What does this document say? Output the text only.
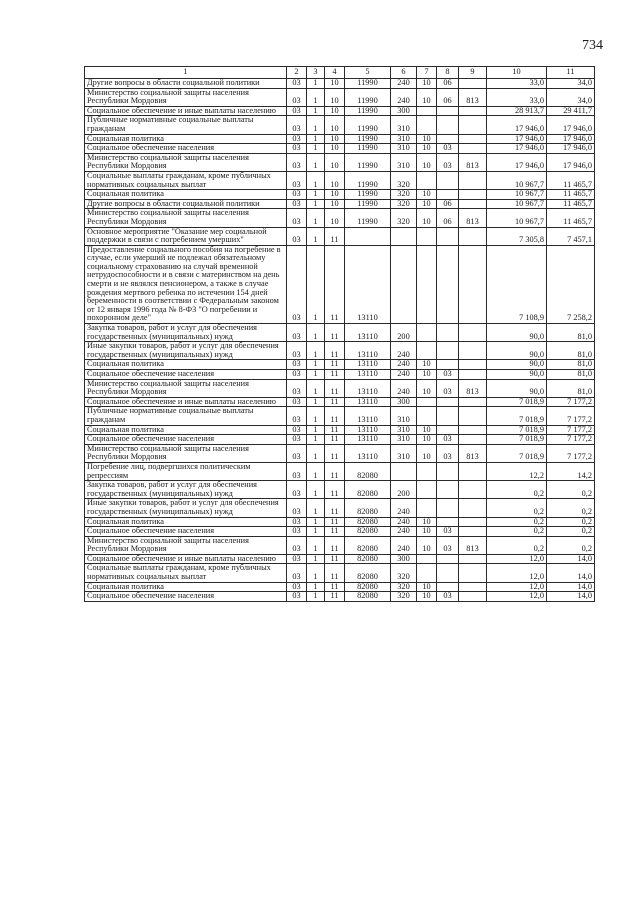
734
1	2	3	4	5	6	7	8	9	10	11
Другие вопросы в области социальной политики	03	1	10	11990	240	10	06		33,0	34,0
Министерство социальной защиты населения Республики Мордовия	03	1	10	11990	240	10	06	813	33,0	34,0
Социальное обеспечение и иные выплаты населению	03	1	10	11990	300				28 913,7	29 411,7
Публичные нормативные социальные выплаты гражданам	03	1	10	11990	310				17 946,0	17 946,0
Социальная политика	03	1	10	11990	310	10			17 946,0	17 946,0
Социальное обеспечение населения	03	1	10	11990	310	10	03		17 946,0	17 946,0
Министерство социальной защиты населения Республики Мордовия	03	1	10	11990	310	10	03	813	17 946,0	17 946,0
Социальные выплаты гражданам, кроме публичных нормативных социальных выплат	03	1	10	11990	320				10 967,7	11 465,7
Социальная политика	03	1	10	11990	320	10			10 967,7	11 465,7
Другие вопросы в области социальной политики	03	1	10	11990	320	10	06		10 967,7	11 465,7
Министерство социальной защиты населения Республики Мордовия	03	1	10	11990	320	10	06	813	10 967,7	11 465,7
Основное мероприятие "Оказание мер социальной поддержки в связи с погребением умерших"	03	1	11						7 305,8	7 457,1
Предоставление социального пособия на погребение в случае, если умерший не подлежал обязательному социальному страхованию на случай временной нетрудоспособности и в связи с материнством на день смерти и не являлся пенсионером, а также в случае рождения мертвого ребенка по истечении 154 дней беременности в соответствии с Федеральным законом от 12 января 1996 года № 8-ФЗ "О погребении и похоронном деле"	03	1	11	13110					7 108,9	7 258,2
Закупка товаров, работ и услуг для обеспечения государственных (муниципальных) нужд	03	1	11	13110	200				90,0	81,0
Иные закупки товаров, работ и услуг для обеспечения государственных (муниципальных) нужд	03	1	11	13110	240				90,0	81,0
Социальная политика	03	1	11	13110	240	10			90,0	81,0
Социальное обеспечение населения	03	1	11	13110	240	10	03		90,0	81,0
Министерство социальной защиты населения Республики Мордовия	03	1	11	13110	240	10	03	813	90,0	81,0
Социальное обеспечение и иные выплаты населению	03	1	11	13110	300				7 018,9	7 177,2
Публичные нормативные социальные выплаты гражданам	03	1	11	13110	310				7 018,9	7 177,2
Социальная политика	03	1	11	13110	310	10			7 018,9	7 177,2
Социальное обеспечение населения	03	1	11	13110	310	10	03		7 018,9	7 177,2
Министерство социальной защиты населения Республики Мордовия	03	1	11	13110	310	10	03	813	7 018,9	7 177,2
Погребение лиц, подвергшихся политическим репрессиям	03	1	11	82080					12,2	14,2
Закупка товаров, работ и услуг для обеспечения государственных (муниципальных) нужд	03	1	11	82080	200				0,2	0,2
Иные закупки товаров, работ и услуг для обеспечения государственных (муниципальных) нужд	03	1	11	82080	240				0,2	0,2
Социальная политика	03	1	11	82080	240	10			0,2	0,2
Социальное обеспечение населения	03	1	11	82080	240	10	03		0,2	0,2
Министерство социальной защиты населения Республики Мордовия	03	1	11	82080	240	10	03	813	0,2	0,2
Социальное обеспечение и иные выплаты населению	03	1	11	82080	300				12,0	14,0
Социальные выплаты гражданам, кроме публичных нормативных социальных выплат	03	1	11	82080	320				12,0	14,0
Социальная политика	03	1	11	82080	320	10			12,0	14,0
Социальное обеспечение населения	03	1	11	82080	320	10	03		12,0	14,0
